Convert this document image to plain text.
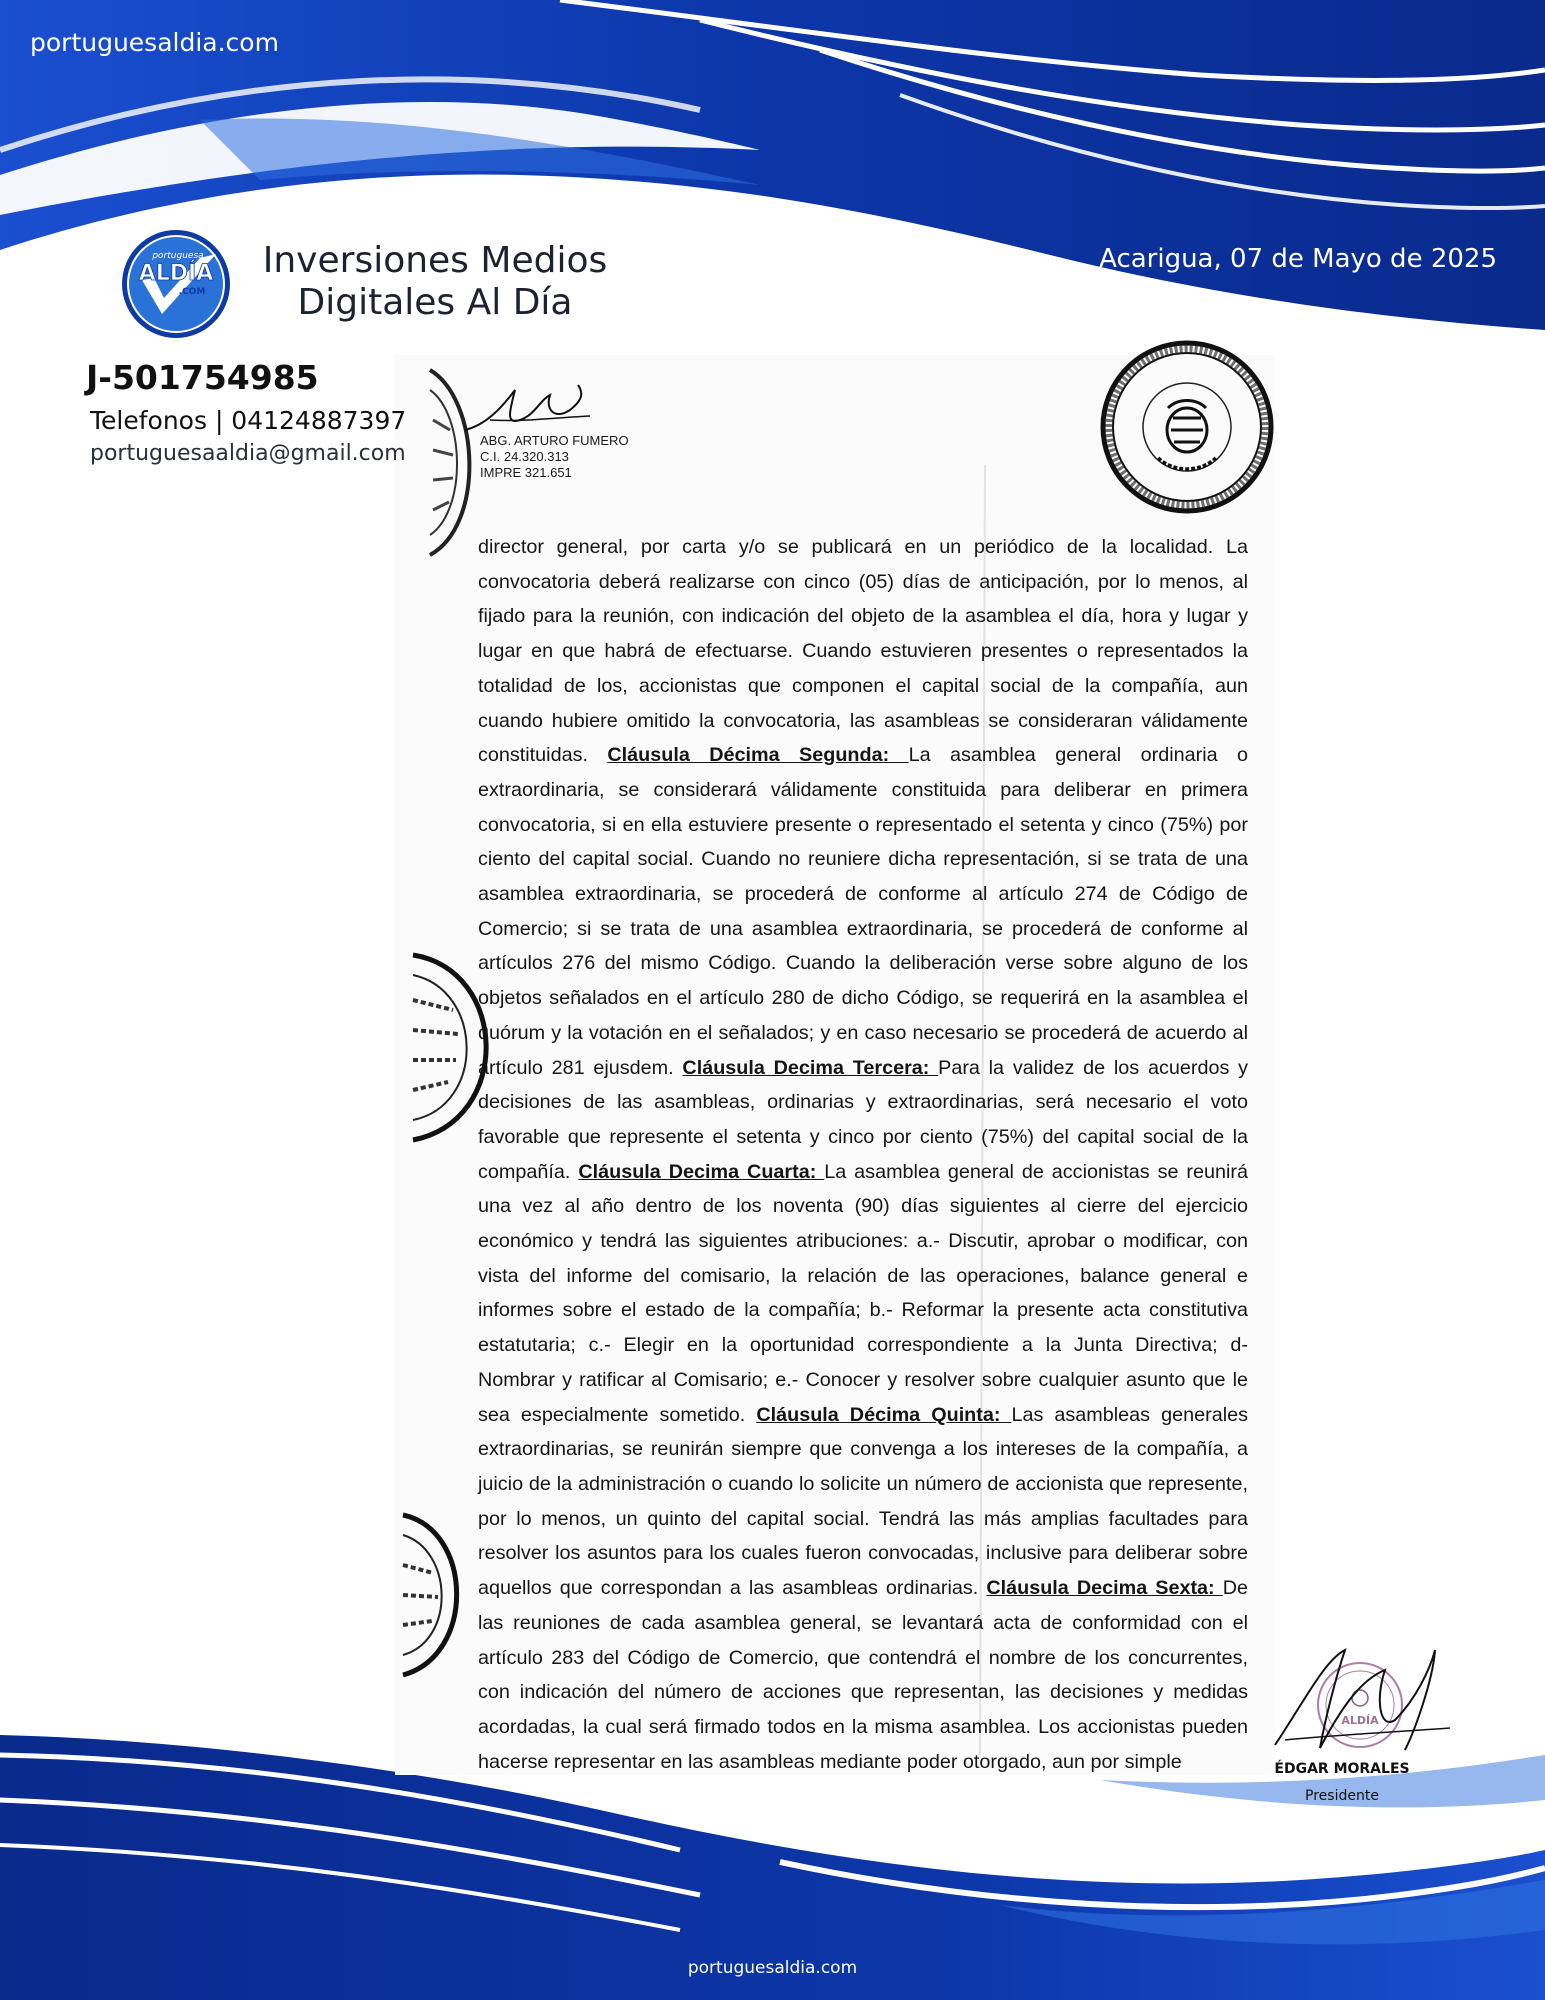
portuguesaldia.com
portuguesa
ALDÍA
.COM
Inversiones Medios
Digitales Al Día
Acarigua, 07 de Mayo de 2025
J-501754985
Telefonos | 04124887397
portuguesaaldia@gmail.com
ABG. ARTURO FUMERO
C.I. 24.320.313
IMPRE 321.651
director general, por carta y/o se publicará en un periódico de la localidad. La convocatoria deberá realizarse con cinco (05) días de anticipación, por lo menos, al fijado para la reunión, con indicación del objeto de la asamblea el día, hora y lugar y lugar en que habrá de efectuarse. Cuando estuvieren presentes o representados la totalidad de los, accionistas que componen el capital social de la compañía, aun cuando hubiere omitido la convocatoria, las asambleas se consideraran válidamente constituidas. Cláusula Décima Segunda: La asamblea general ordinaria o extraordinaria, se considerará válidamente constituida para deliberar en primera convocatoria, si en ella estuviere presente o representado el setenta y cinco (75%) por ciento del capital social. Cuando no reuniere dicha representación, si se trata de una asamblea extraordinaria, se procederá de conforme al artículo 274 de Código de Comercio; si se trata de una asamblea extraordinaria, se procederá de conforme al artículos 276 del mismo Código. Cuando la deliberación verse sobre alguno de los objetos señalados en el artículo 280 de dicho Código, se requerirá en la asamblea el quórum y la votación en el señalados; y en caso necesario se procederá de acuerdo al artículo 281 ejusdem. Cláusula Decima Tercera: Para la validez de los acuerdos y decisiones de las asambleas, ordinarias y extraordinarias, será necesario el voto favorable que represente el setenta y cinco por ciento (75%) del capital social de la compañía. Cláusula Decima Cuarta: La asamblea general de accionistas se reunirá una vez al año dentro de los noventa (90) días siguientes al cierre del ejercicio económico y tendrá las siguientes atribuciones: a.- Discutir, aprobar o modificar, con vista del informe del comisario, la relación de las operaciones, balance general e informes sobre el estado de la compañía; b.- Reformar la presente acta constitutiva estatutaria; c.- Elegir en la oportunidad correspondiente a la Junta Directiva; d- Nombrar y ratificar al Comisario; e.- Conocer y resolver sobre cualquier asunto que le sea especialmente sometido. Cláusula Décima Quinta: Las asambleas generales extraordinarias, se reunirán siempre que convenga a los intereses de la compañía, a juicio de la administración o cuando lo solicite un número de accionista que represente, por lo menos, un quinto del capital social. Tendrá las más amplias facultades para resolver los asuntos para los cuales fueron convocadas, inclusive para deliberar sobre aquellos que correspondan a las asambleas ordinarias. Cláusula Decima Sexta: De las reuniones de cada asamblea general, se levantará acta de conformidad con el artículo 283 del Código de Comercio, que contendrá el nombre de los concurrentes, con indicación del número de acciones que representan, las decisiones y medidas acordadas, la cual será firmado todos en la misma asamblea. Los accionistas pueden hacerse representar en las asambleas mediante poder otorgado, aun por simple
ALDÍA
ÉDGAR MORALES
Presidente
portuguesaldia.com
